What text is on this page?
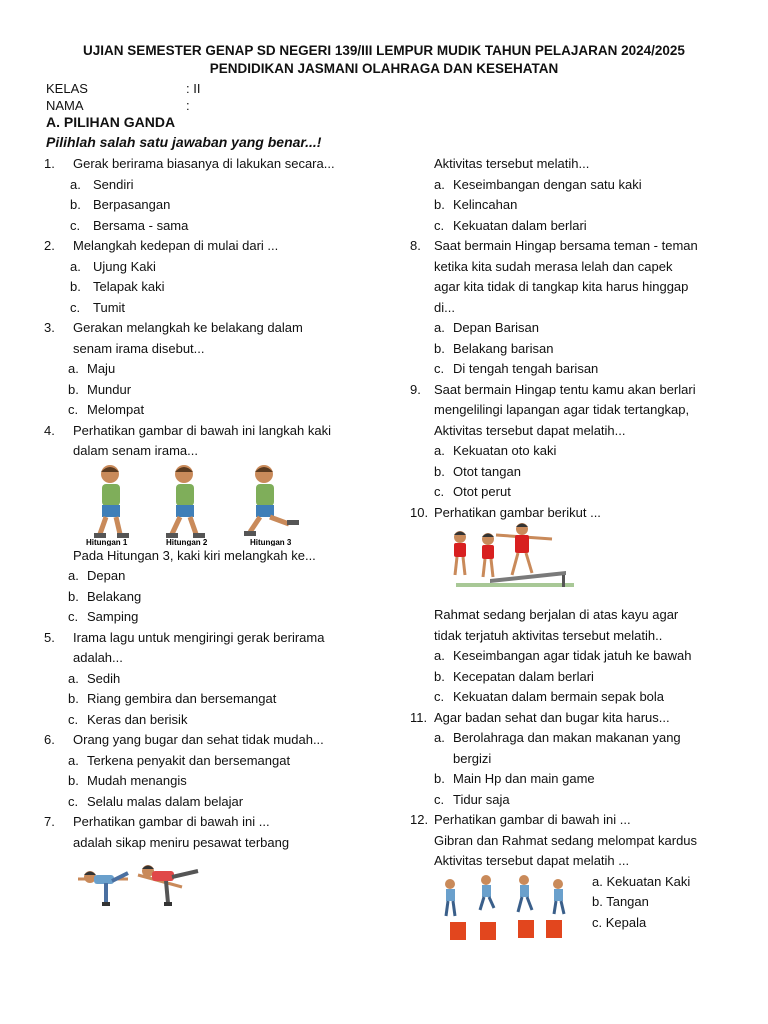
UJIAN SEMESTER GENAP SD NEGERI 139/III LEMPUR MUDIK TAHUN PELAJARAN 2024/2025
PENDIDIKAN JASMANI OLAHRAGA DAN KESEHATAN
KELAS	: II
NAMA	:
A. PILIHAN GANDA
Pilihlah salah satu jawaban yang benar...!
1.	Gerak berirama biasanya di lakukan secara...
a. Sendiri
b. Berpasangan
c. Bersama - sama
2.	Melangkah kedepan di mulai dari ...
a. Ujung Kaki
b. Telapak kaki
c. Tumit
3.	Gerakan melangkah ke belakang dalam
senam irama disebut...
a. Maju
b. Mundur
c. Melompat
4.	Perhatikan gambar di bawah ini langkah kaki
dalam senam irama...
Hitungan 1	Hitungan 2	Hitungan 3
Pada Hitungan 3, kaki kiri melangkah ke...
a. Depan
b. Belakang
c. Samping
5.	Irama lagu untuk mengiringi gerak berirama
adalah...
a. Sedih
b. Riang gembira dan bersemangat
c. Keras dan berisik
6.	Orang yang bugar dan sehat tidak mudah...
a. Terkena penyakit dan bersemangat
b. Mudah menangis
c. Selalu malas dalam belajar
7.	Perhatikan gambar di bawah ini ...
adalah sikap meniru pesawat terbang
Aktivitas tersebut melatih...
a. Keseimbangan dengan satu kaki
b. Kelincahan
c. Kekuatan dalam berlari
8.	Saat bermain Hingap bersama teman - teman
ketika kita sudah merasa lelah dan capek
agar kita tidak di tangkap kita harus hinggap
di...
a. Depan Barisan
b. Belakang barisan
c. Di tengah tengah barisan
9.	Saat bermain Hingap tentu kamu akan berlari
mengelilingi lapangan agar tidak tertangkap,
Aktivitas tersebut dapat melatih...
a. Kekuatan oto kaki
b. Otot tangan
c. Otot perut
10. Perhatikan gambar berikut ...
Rahmat sedang berjalan di atas kayu agar
tidak terjatuh aktivitas tersebut melatih..
a. Keseimbangan agar tidak jatuh ke bawah
b. Kecepatan dalam berlari
c. Kekuatan dalam bermain sepak bola
11. Agar badan sehat dan bugar kita harus...
a. Berolahraga dan makan makanan yang
bergizi
b. Main Hp dan main game
c. Tidur saja
12. Perhatikan gambar di bawah ini ...
Gibran dan Rahmat sedang melompat kardus
Aktivitas tersebut dapat melatih ...
a. Kekuatan Kaki
b. Tangan
c. Kepala
